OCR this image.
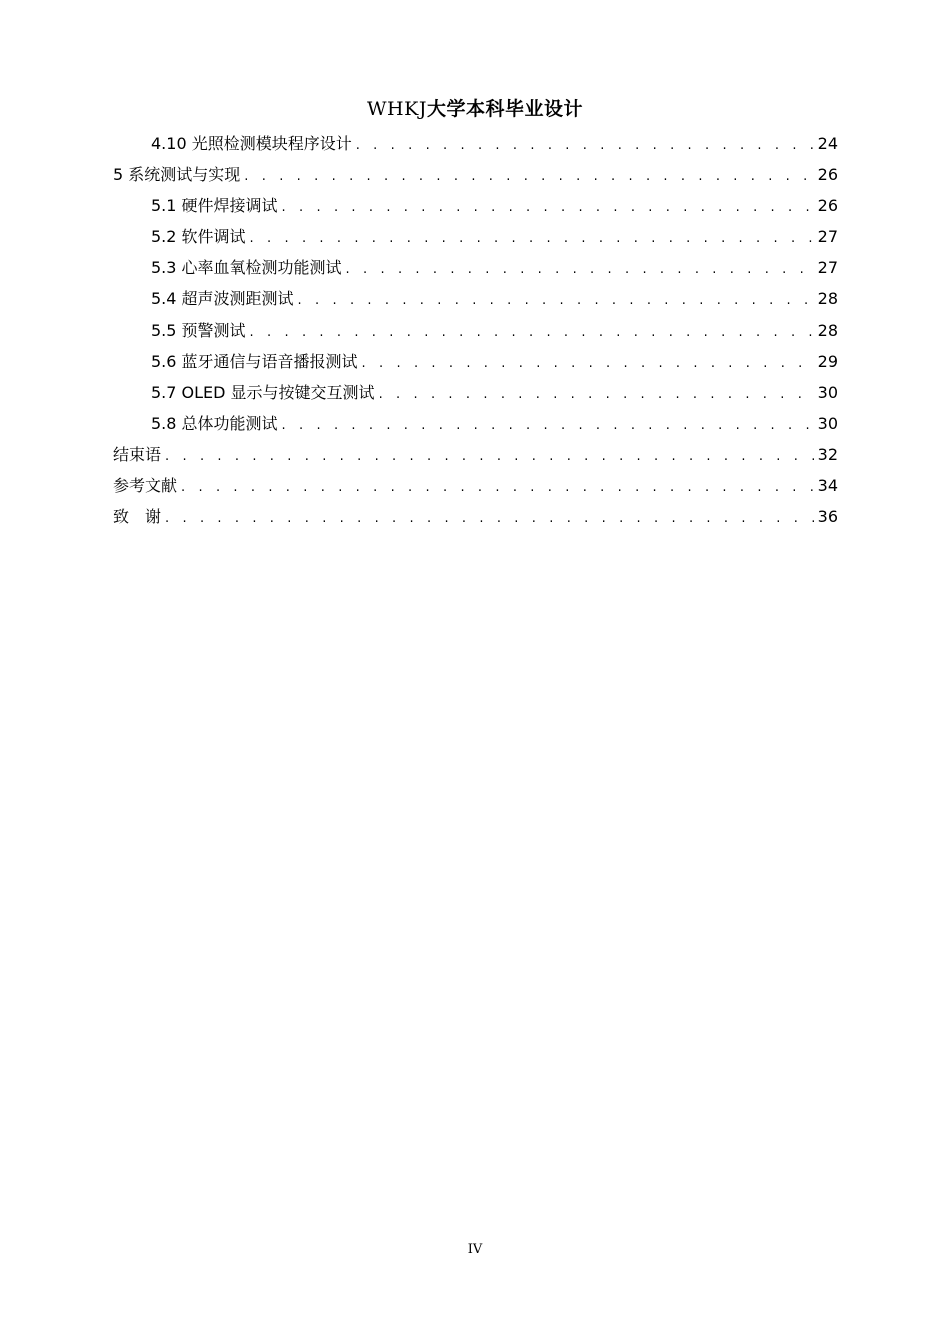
WHKJ大学本科毕业设计
4.10 光照检测模块程序设计 . . .	24
5 系统测试与实现 . . .	26
5.1 硬件焊接调试 . . .	26
5.2 软件调试 . . .	27
5.3 心率血氧检测功能测试 . . .	27
5.4 超声波测距测试 . . .	28
5.5 预警测试 . . .	28
5.6 蓝牙通信与语音播报测试 . . .	29
5.7 OLED 显示与按键交互测试 . . .	30
5.8 总体功能测试 . . .	30
结束语 . . .	32
参考文献 . . .	34
致　谢 . . .	36
IV
